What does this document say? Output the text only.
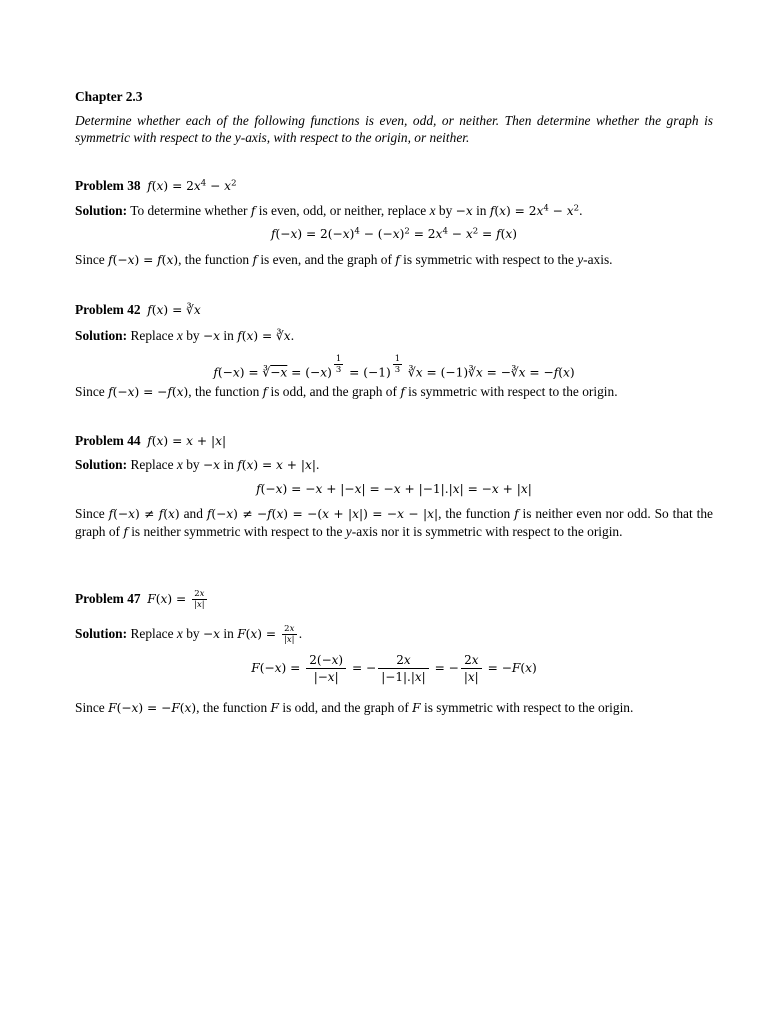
Chapter 2.3
Determine whether each of the following functions is even, odd, or neither. Then determine whether the graph is symmetric with respect to the y-axis, with respect to the origin, or neither.
Problem 38 𝑓(𝑥) = 2𝑥$^4$ − 𝑥$^2$
Solution: To determine whether 𝑓 is even, odd, or neither, replace x by −𝑥 in 𝑓(𝑥) = 2𝑥$^4$ − 𝑥$^2$.
𝑓(−𝑥) = 2(−𝑥)$^4$ − (−𝑥)$^2$ = 2𝑥$^4$ − 𝑥$^2$ = 𝑓(𝑥)
Since 𝑓(−𝑥) = 𝑓(𝑥), the function 𝑓 is even, and the graph of 𝑓 is symmetric with respect to the y-axis.
Problem 42 𝑓(𝑥) = ∛𝑥
Solution: Replace x by −𝑥 in 𝑓(𝑥) = ∛𝑥.
𝑓(−𝑥) = ∛−𝑥 = (−𝑥) $\frac{1}{3} = (-1) \frac{1}{3}$ ∛𝑥 = (−1)∛𝑥 = −∛𝑥 = −𝑓(𝑥)
Since 𝑓(−𝑥) = −𝑓(𝑥), the function 𝑓 is odd, and the graph of 𝑓 is symmetric with respect to the origin.
Problem 44 𝑓(𝑥) = 𝑥 + |𝑥|
Solution: Replace x by −𝑥 in 𝑓(𝑥) = 𝑥 + |𝑥|.
𝑓(−𝑥) = −𝑥 + |−𝑥| = −𝑥 + |−1|.|𝑥| = −𝑥 + |𝑥|
Since 𝑓(−𝑥) ≠ 𝑓(𝑥) and 𝑓(−𝑥) ≠ −𝑓(𝑥) = −(𝑥 + |𝑥|) = −𝑥 − |𝑥|, the function 𝑓 is neither even nor odd. So that the graph of 𝑓 is neither symmetric with respect to the y-axis nor it is symmetric with respect to the origin.
Problem 47 𝐹(𝑥) = $\frac{\text{2𝑥}}{\text{|𝑥|}}$
Solution: Replace x by −𝑥 in 𝐹(𝑥) = $\frac{\text{2𝑥}}{\text{|𝑥|}}$ .
𝐹(−𝑥) = $\frac{\text{2(−𝑥)}}{\text{|−𝑥|}}$ = − $\frac{\text{2𝑥}}{\text{|−1|.|𝑥|}}$ = − $\frac{\text{2𝑥}}{\text{|𝑥|}}$ = −𝐹(𝑥)
Since 𝐹(−𝑥) = −𝐹(𝑥), the function 𝐹 is odd, and the graph of 𝐹 is symmetric with respect to the origin.
